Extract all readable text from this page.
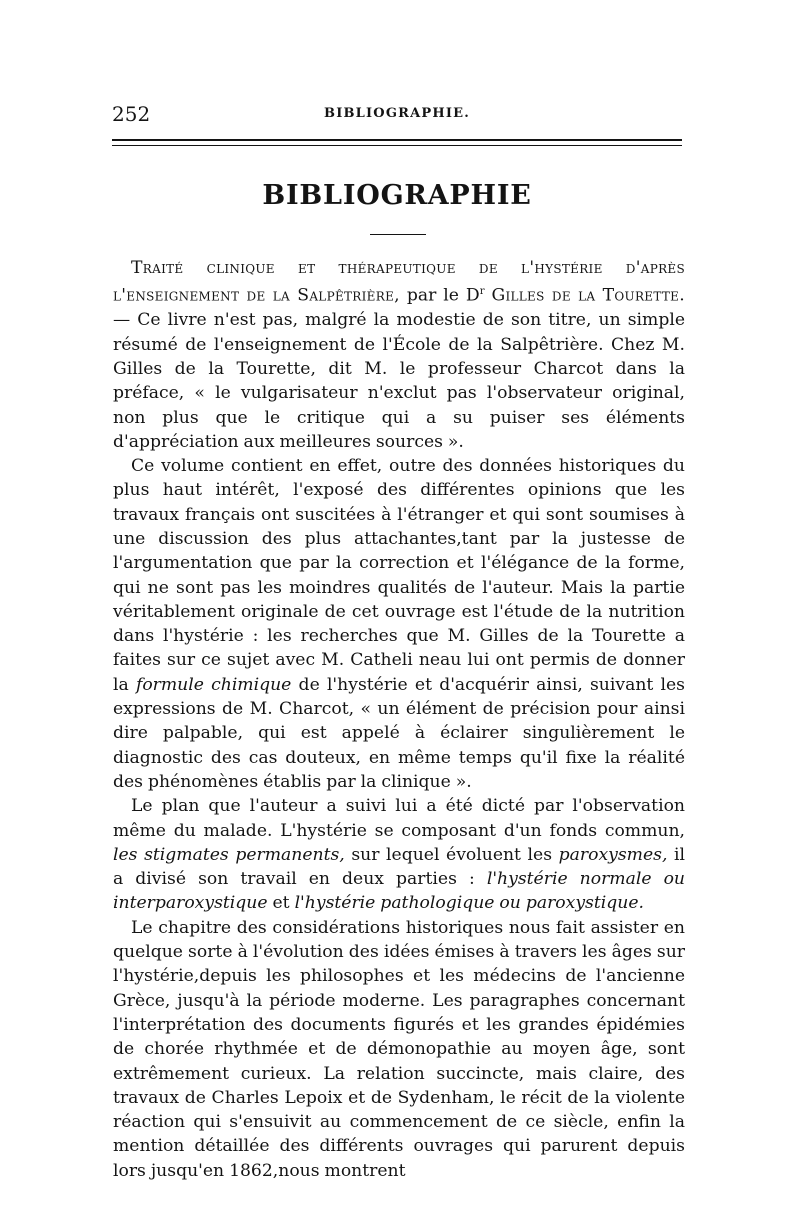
252	BIBLIOGRAPHIE.
BIBLIOGRAPHIE

Traité clinique et thérapeutique de l'hystérie d'après l'enseignement de la Salpêtrière, par le $D^r$ Gilles de la Tourette. — Ce livre n'est pas, malgré la modestie de son titre, un simple résumé de l'enseignement de l'École de la Salpêtrière. Chez M. Gilles de la Tourette, dit M. le professeur Charcot dans la préface, « le vulgarisateur n'exclut pas l'observateur original, non plus que le critique qui a su puiser ses éléments d'appréciation aux meilleures sources ».

Ce volume contient en effet, outre des données historiques du plus haut intérêt, l'exposé des différentes opinions que les travaux français ont suscitées à l'étranger et qui sont soumises à une discussion des plus attachantes,tant par la justesse de l'argumentation que par la correction et l'élégance de la forme, qui ne sont pas les moindres qualités de l'auteur. Mais la partie véritablement originale de cet ouvrage est l'étude de la nutrition dans l'hystérie : les recherches que M. Gilles de la Tourette a faites sur ce sujet avec M. Catheli neau lui ont permis de donner la formule chimique de l'hystérie et d'acquérir ainsi, suivant les expressions de M. Charcot, « un élément de précision pour ainsi dire palpable, qui est appelé à éclairer singulièrement le diagnostic des cas douteux, en même temps qu'il fixe la réalité des phénomènes établis par la clinique ».

Le plan que l'auteur a suivi lui a été dicté par l'observation même du malade. L'hystérie se composant d'un fonds commun, les stigmates permanents, sur lequel évoluent les paroxysmes, il a divisé son travail en deux parties : l'hystérie normale ou interparoxystique et l'hystérie pathologique ou paroxystique.

Le chapitre des considérations historiques nous fait assister en quelque sorte à l'évolution des idées émises à travers les âges sur l'hystérie,depuis les philosophes et les médecins de l'ancienne Grèce, jusqu'à la période moderne. Les paragraphes concernant l'interprétation des documents figurés et les grandes épidémies de chorée rhythmée et de démonopathie au moyen âge, sont extrêmement curieux. La relation succincte, mais claire, des travaux de Charles Lepoix et de Sydenham, le récit de la violente réaction qui s'ensuivit au commencement de ce siècle, enfin la mention détaillée des différents ouvrages qui parurent depuis lors jusqu'en 1862,nous montrent
